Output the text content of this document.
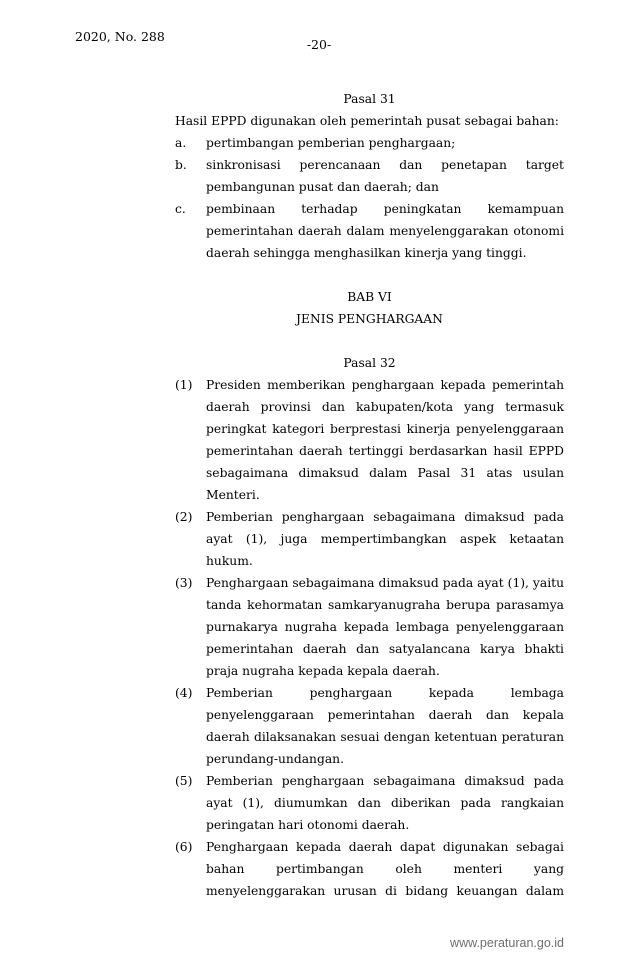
2020, No. 288
-20-
Pasal 31
Hasil EPPD digunakan oleh pemerintah pusat sebagai bahan:
a.	pertimbangan pemberian penghargaan;
b.	sinkronisasi perencanaan dan penetapan target pembangunan pusat dan daerah; dan
c.	pembinaan terhadap peningkatan kemampuan pemerintahan daerah dalam menyelenggarakan otonomi daerah sehingga menghasilkan kinerja yang tinggi.
BAB VI
JENIS PENGHARGAAN
Pasal 32
(1)	Presiden memberikan penghargaan kepada pemerintah daerah provinsi dan kabupaten/kota yang termasuk peringkat kategori berprestasi kinerja penyelenggaraan pemerintahan daerah tertinggi berdasarkan hasil EPPD sebagaimana dimaksud dalam Pasal 31 atas usulan Menteri.
(2)	Pemberian penghargaan sebagaimana dimaksud pada ayat (1), juga mempertimbangkan aspek ketaatan hukum.
(3)	Penghargaan sebagaimana dimaksud pada ayat (1), yaitu tanda kehormatan samkaryanugraha berupa parasamya purnakarya nugraha kepada lembaga penyelenggaraan pemerintahan daerah dan satyalancana karya bhakti praja nugraha kepada kepala daerah.
(4)	Pemberian penghargaan kepada lembaga penyelenggaraan pemerintahan daerah dan kepala daerah dilaksanakan sesuai dengan ketentuan peraturan perundang-undangan.
(5)	Pemberian penghargaan sebagaimana dimaksud pada ayat (1), diumumkan dan diberikan pada rangkaian peringatan hari otonomi daerah.
(6)	Penghargaan kepada daerah dapat digunakan sebagai bahan pertimbangan oleh menteri yang menyelenggarakan urusan di bidang keuangan dalam
www.peraturan.go.id
